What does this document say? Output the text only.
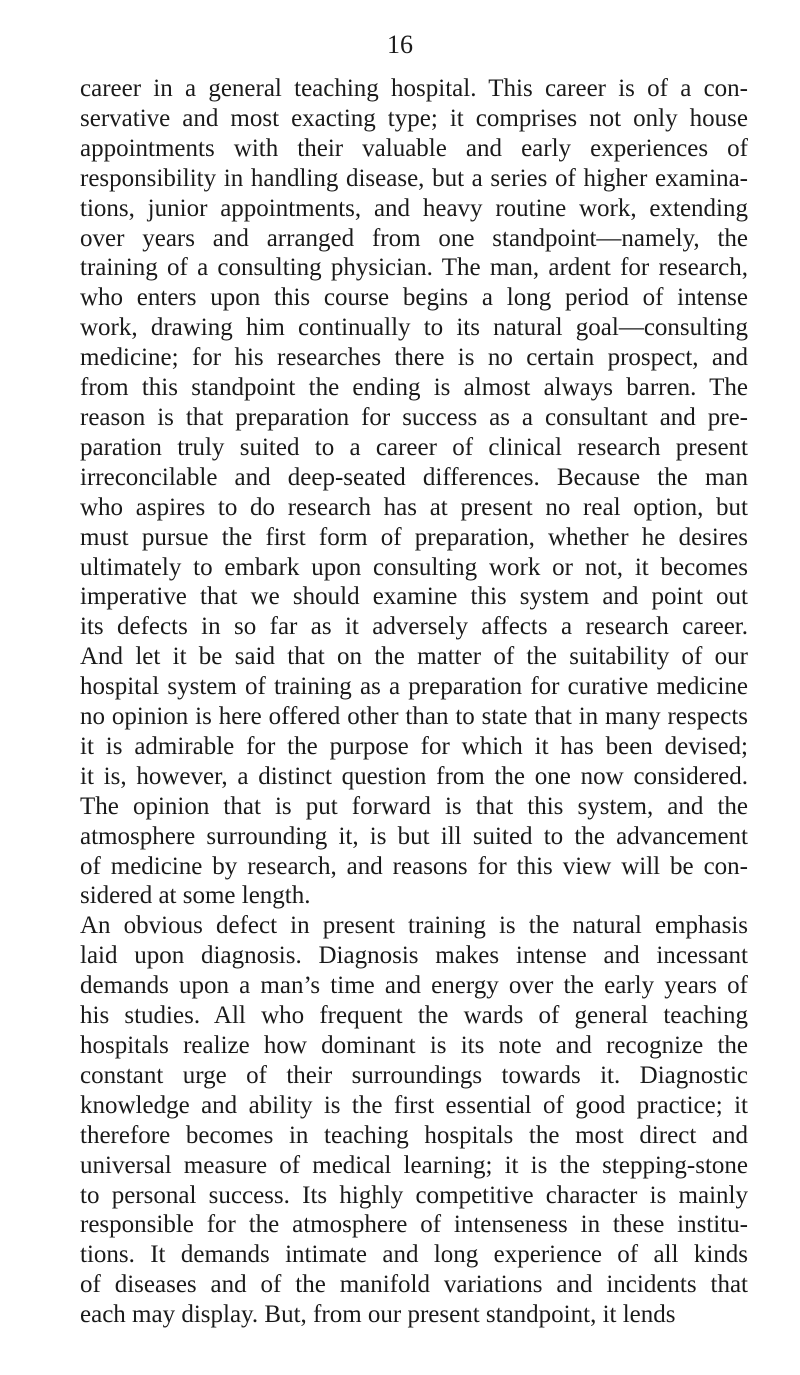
16

career in a general teaching hospital. This career is of a con-
servative and most exacting type; it comprises not only house
appointments with their valuable and early experiences of
responsibility in handling disease, but a series of higher examina-
tions, junior appointments, and heavy routine work, extending
over years and arranged from one standpoint—namely, the
training of a consulting physician. The man, ardent for research,
who enters upon this course begins a long period of intense
work, drawing him continually to its natural goal—consulting
medicine; for his researches there is no certain prospect, and
from this standpoint the ending is almost always barren. The
reason is that preparation for success as a consultant and pre-
paration truly suited to a career of clinical research present
irreconcilable and deep-seated differences. Because the man
who aspires to do research has at present no real option, but
must pursue the first form of preparation, whether he desires
ultimately to embark upon consulting work or not, it becomes
imperative that we should examine this system and point out
its defects in so far as it adversely affects a research career.
And let it be said that on the matter of the suitability of our
hospital system of training as a preparation for curative medicine
no opinion is here offered other than to state that in many respects
it is admirable for the purpose for which it has been devised;
it is, however, a distinct question from the one now considered.
The opinion that is put forward is that this system, and the
atmosphere surrounding it, is but ill suited to the advancement
of medicine by research, and reasons for this view will be con-
sidered at some length.

An obvious defect in present training is the natural emphasis
laid upon diagnosis. Diagnosis makes intense and incessant
demands upon a man’s time and energy over the early years of
his studies. All who frequent the wards of general teaching
hospitals realize how dominant is its note and recognize the
constant urge of their surroundings towards it. Diagnostic
knowledge and ability is the first essential of good practice; it
therefore becomes in teaching hospitals the most direct and
universal measure of medical learning; it is the stepping-stone
to personal success. Its highly competitive character is mainly
responsible for the atmosphere of intenseness in these institu-
tions. It demands intimate and long experience of all kinds
of diseases and of the manifold variations and incidents that
each may display. But, from our present standpoint, it lends
